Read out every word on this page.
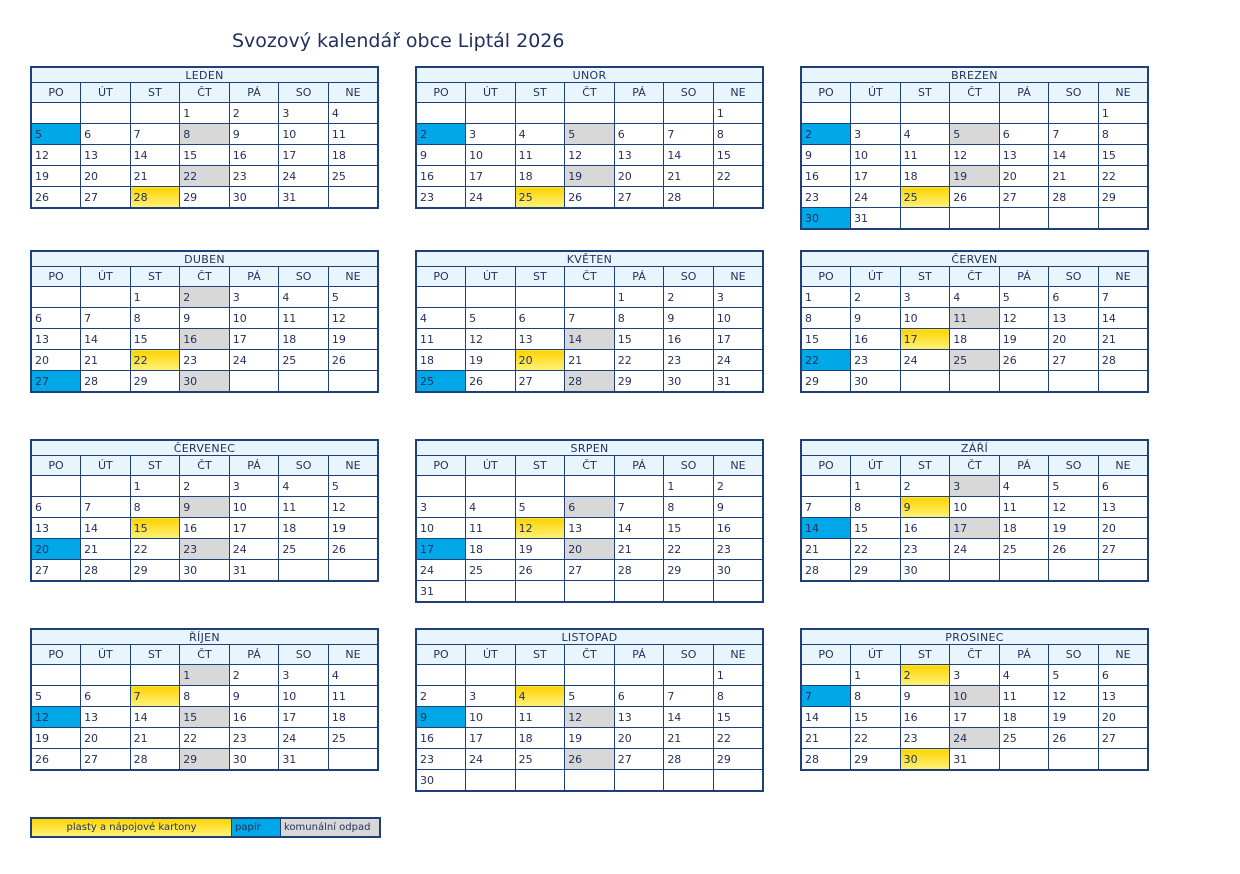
Svozový kalendář obce Liptál 2026
LEDEN						
PO	ÚT	ST	ČT	PÁ	SO	NE
			1	2	3	4
5	6	7	8	9	10	11
12	13	14	15	16	17	18
19	20	21	22	23	24	25
26	27	28	29	30	31	
UNOR						
PO	ÚT	ST	ČT	PÁ	SO	NE
						1
2	3	4	5	6	7	8
9	10	11	12	13	14	15
16	17	18	19	20	21	22
23	24	25	26	27	28	
BREZEN						
PO	ÚT	ST	ČT	PÁ	SO	NE
						1
2	3	4	5	6	7	8
9	10	11	12	13	14	15
16	17	18	19	20	21	22
23	24	25	26	27	28	29
30	31					
DUBEN						
PO	ÚT	ST	ČT	PÁ	SO	NE
		1	2	3	4	5
6	7	8	9	10	11	12
13	14	15	16	17	18	19
20	21	22	23	24	25	26
27	28	29	30			
KVĚTEN						
PO	ÚT	ST	ČT	PÁ	SO	NE
				1	2	3
4	5	6	7	8	9	10
11	12	13	14	15	16	17
18	19	20	21	22	23	24
25	26	27	28	29	30	31
ČERVEN						
PO	ÚT	ST	ČT	PÁ	SO	NE
1	2	3	4	5	6	7
8	9	10	11	12	13	14
15	16	17	18	19	20	21
22	23	24	25	26	27	28
29	30					
ČERVENEC						
PO	ÚT	ST	ČT	PÁ	SO	NE
		1	2	3	4	5
6	7	8	9	10	11	12
13	14	15	16	17	18	19
20	21	22	23	24	25	26
27	28	29	30	31		
SRPEN						
PO	ÚT	ST	ČT	PÁ	SO	NE
					1	2
3	4	5	6	7	8	9
10	11	12	13	14	15	16
17	18	19	20	21	22	23
24	25	26	27	28	29	30
31						
ZÁŘÍ						
PO	ÚT	ST	ČT	PÁ	SO	NE
	1	2	3	4	5	6
7	8	9	10	11	12	13
14	15	16	17	18	19	20
21	22	23	24	25	26	27
28	29	30				
ŘÍJEN						
PO	ÚT	ST	ČT	PÁ	SO	NE
			1	2	3	4
5	6	7	8	9	10	11
12	13	14	15	16	17	18
19	20	21	22	23	24	25
26	27	28	29	30	31	
LISTOPAD						
PO	ÚT	ST	ČT	PÁ	SO	NE
						1
2	3	4	5	6	7	8
9	10	11	12	13	14	15
16	17	18	19	20	21	22
23	24	25	26	27	28	29
30						
PROSINEC						
PO	ÚT	ST	ČT	PÁ	SO	NE
	1	2	3	4	5	6
7	8	9	10	11	12	13
14	15	16	17	18	19	20
21	22	23	24	25	26	27
28	29	30	31			
plasty a nápojové kartony	papír	komunální odpad
